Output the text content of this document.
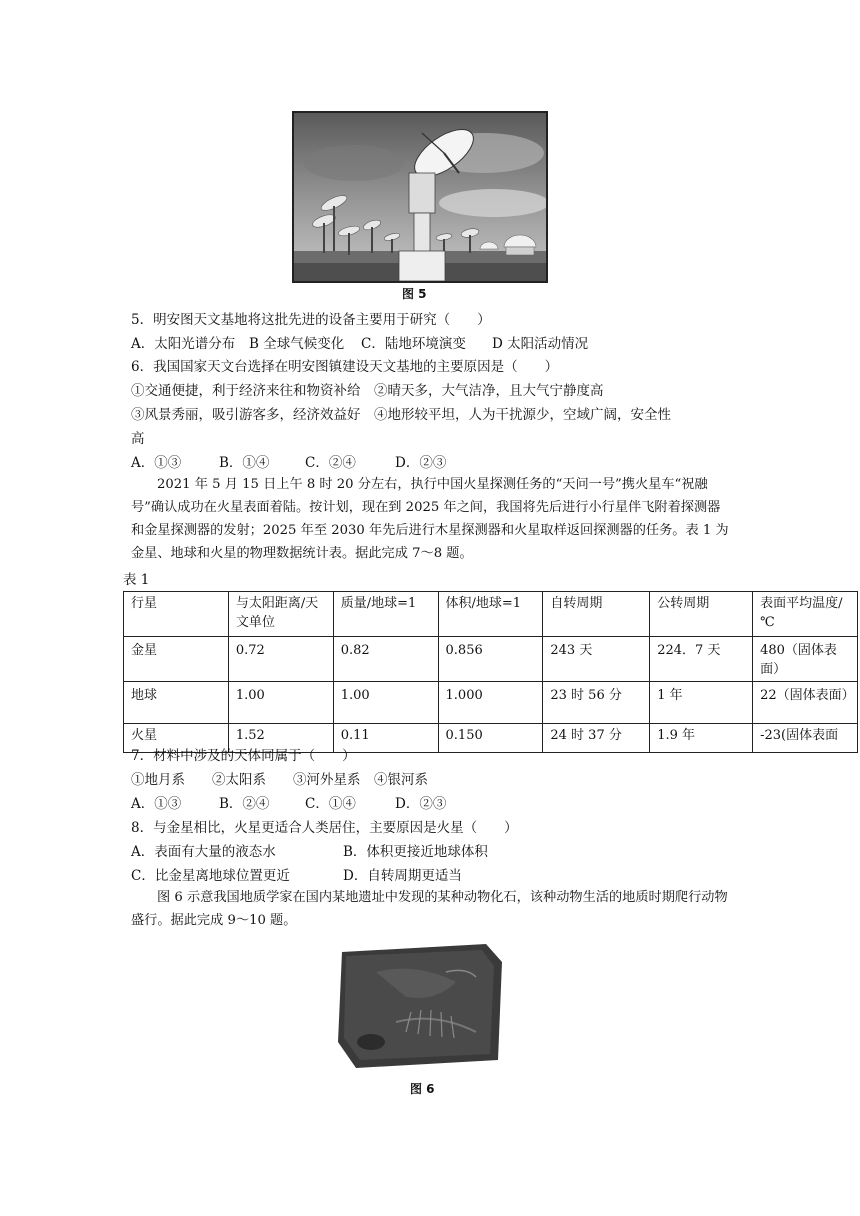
图 5
5．明安图天文基地将这批先进的设备主要用于研究（　　）
A．太阳光谱分布 B 全球气候变化 C．陆地环境演变 D 太阳活动情况
6．我国国家天文台选择在明安图镇建设天文基地的主要原因是（　　）
①交通便捷，利于经济来往和物资补给　②晴天多，大气洁净，且大气宁静度高
③风景秀丽，吸引游客多，经济效益好　④地形较平坦，人为干扰源少，空域广阔，安全性
高
A．①③	B．①④	C．②④	D．②③
2021 年 5 月 15 日上午 8 时 20 分左右，执行中国火星探测任务的“天问一号”携火星车“祝融号”确认成功在火星表面着陆。按计划，现在到 2025 年之间，我国将先后进行小行星伴飞附着探测器和金星探测器的发射；2025 年至 2030 年先后进行木星探测器和火星取样返回探测器的任务。表 1 为金星、地球和火星的物理数据统计表。据此完成 7～8 题。
表 1
行星	与太阳距离/天文单位	质量/地球=1	体积/地球=1	自转周期	公转周期	表面平均温度/℃
金星	0.72	0.82	0.856	243 天	224．7 天	480（固体表面）
地球	1.00	1.00	1.000	23 时 56 分	1 年	22（固体表面）
火星	1.52	0.11	0.150	24 时 37 分	1.9 年	-23(固体表面
7．材料中涉及的天体同属于（　　）
①地月系　　②太阳系　　③河外星系　④银河系
A．①③	B．②④	C．①④	D．②③
8．与金星相比，火星更适合人类居住，主要原因是火星（　　）
A．表面有大量的液态水	B．体积更接近地球体积
C．比金星离地球位置更近	D．自转周期更适当
图 6 示意我国地质学家在国内某地遗址中发现的某种动物化石，该种动物生活的地质时期爬行动物盛行。据此完成 9～10 题。
图 6
